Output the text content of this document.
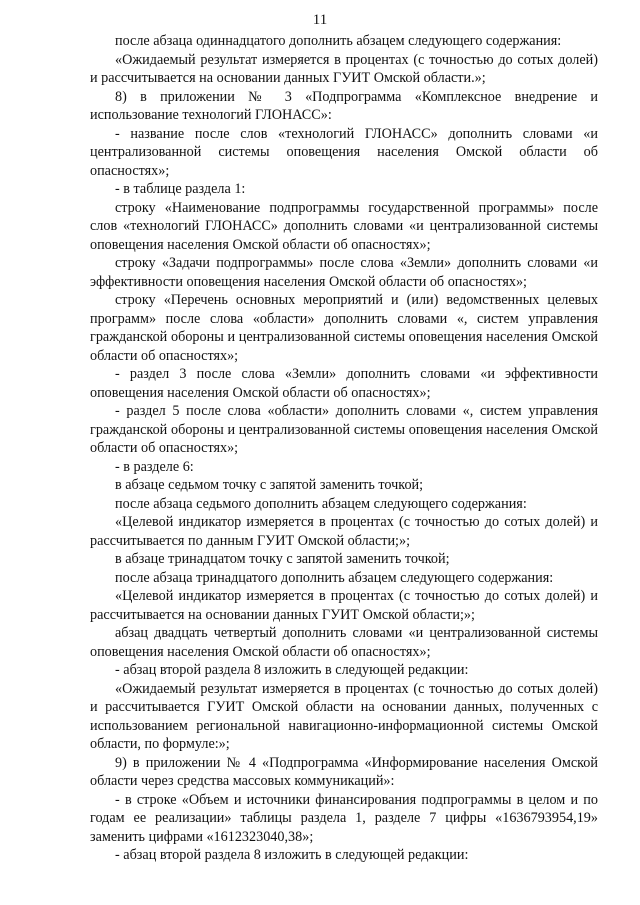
11

после абзаца одиннадцатого дополнить абзацем следующего содержания:

«Ожидаемый результат измеряется в процентах (с точностью до сотых долей) и рассчитывается на основании данных ГУИТ Омской области.»;

8) в приложении № 3 «Подпрограмма «Комплексное внедрение и использование технологий ГЛОНАСС»:

- название после слов «технологий ГЛОНАСС» дополнить словами «и централизованной системы оповещения населения Омской области об опасностях»;

- в таблице раздела 1:

строку «Наименование подпрограммы государственной программы» после слов «технологий ГЛОНАСС» дополнить словами «и централизованной системы оповещения населения Омской области об опасностях»;

строку «Задачи подпрограммы» после слова «Земли» дополнить словами «и эффективности оповещения населения Омской области об опасностях»;

строку «Перечень основных мероприятий и (или) ведомственных целевых программ» после слова «области» дополнить словами «, систем управления гражданской обороны и централизованной системы оповещения населения Омской области об опасностях»;

- раздел 3 после слова «Земли» дополнить словами «и эффективности оповещения населения Омской области об опасностях»;

- раздел 5 после слова «области» дополнить словами «, систем управления гражданской обороны и централизованной системы оповещения населения Омской области об опасностях»;

- в разделе 6:

в абзаце седьмом точку с запятой заменить точкой;

после абзаца седьмого дополнить абзацем следующего содержания:

«Целевой индикатор измеряется в процентах (с точностью до сотых долей) и рассчитывается по данным ГУИТ Омской области;»;

в абзаце тринадцатом точку с запятой заменить точкой;

после абзаца тринадцатого дополнить абзацем следующего содержания:

«Целевой индикатор измеряется в процентах (с точностью до сотых долей) и рассчитывается на основании данных ГУИТ Омской области;»;

абзац двадцать четвертый дополнить словами «и централизованной системы оповещения населения Омской области об опасностях»;

- абзац второй раздела 8 изложить в следующей редакции:

«Ожидаемый результат измеряется в процентах (с точностью до сотых долей) и рассчитывается ГУИТ Омской области на основании данных, полученных с использованием региональной навигационно-информационной системы Омской области, по формуле:»;

9) в приложении № 4 «Подпрограмма «Информирование населения Омской области через средства массовых коммуникаций»:

- в строке «Объем и источники финансирования подпрограммы в целом и по годам ее реализации» таблицы раздела 1, разделе 7 цифры «1636793954,19» заменить цифрами «1612323040,38»;

- абзац второй раздела 8 изложить в следующей редакции:
